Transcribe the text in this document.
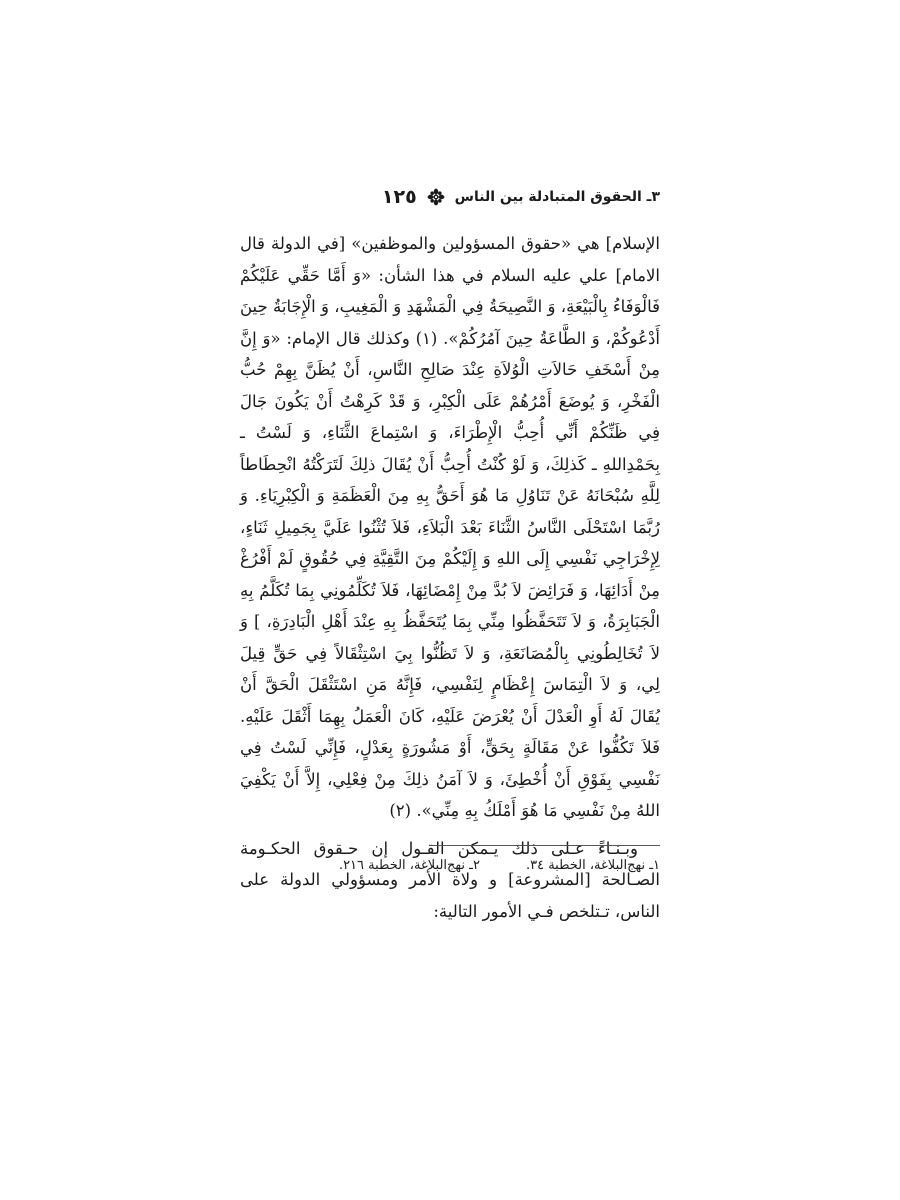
١٢٥	٣ـ الحقوق المتبادلة بين الناس

الإسلام] هي «حقوق المسؤولين والموظفين» [في الدولة قال الامام] علي عليه السلام في هذا الشأن: «وَ أَمَّا حَقِّي عَلَيْكُمْ فَالْوَفَاءُ بِالْبَيْعَةِ، وَ النَّصِيحَةُ فِي الْمَشْهَدِ وَ الْمَغِيبِ، وَ الْإِجَابَةُ حِينَ أَدْعُوكُمْ، وَ الطَّاعَةُ حِينَ آمُرُكُمْ». (١) وكذلك قال الإمام: «وَ إِنَّ مِنْ أَسْخَفِ حَالاَتِ الْوُلاَةِ عِنْدَ صَالِحِ النَّاسِ، أَنْ يُظَنَّ بِهِمْ حُبُّ الْفَخْرِ، وَ يُوضَعَ أَمْرُهُمْ عَلَى الْكِبْرِ، وَ قَدْ كَرِهْتُ أَنْ يَكُونَ جَالَ فِي ظَنِّكُمْ أَنِّي أُحِبُّ الْإِطْرَاءَ، وَ اسْتِماعَ الثَّنَاءِ، وَ لَسْتُ ـ بِحَمْدِاللهِ ـ كَذلِكَ، وَ لَوْ كُنْتُ أُحِبُّ أَنْ يُقَالَ ذلِكَ لَتَرَكْتُهُ انْحِطَاطاً لِلَّهِ سُبْحَانَهُ عَنْ تَنَاوُلِ مَا هُوَ أَحَقُّ بِهِ مِنَ الْعَظَمَةِ وَ الْكِبْرِيَاءِ. وَ رُبَّمَا اسْتَحْلَى النَّاسُ الثَّنَاءَ بَعْدَ الْبَلاَءِ، فَلاَ تُثْنُوا عَلَيَّ بِجَمِيلِ ثَنَاءٍ، لِإِخْرَاجِي نَفْسِي إِلَى اللهِ وَ إِلَيْكُمْ مِنَ التَّقِيَّةِ فِي حُقُوقٍ لَمْ أَفْرُغْ مِنْ أَدَائِهَا، وَ فَرَائِضَ لاَ بُدَّ مِنْ إِمْضَائِهَا، فَلاَ تُكَلِّمُونِي بِمَا تُكَلَّمُ بِهِ الْجَبَابِرَةُ، وَ لاَ تَتَحَفَّظُوا مِنِّي بِمَا يُتَحَفَّظُ بِهِ عِنْدَ أَهْلِ الْبَادِرَةِ، ] وَ لاَ تُخَالِطُونِي بِالْمُصَانَعَةِ، وَ لاَ تَظُنُّوا بِيَ اسْتِثْقَالاً فِي حَقٍّ قِيلَ لِي، وَ لاَ الْتِمَاسَ إِعْظَامٍ لِنَفْسِي، فَإِنَّهُ مَنِ اسْتَثْقَلَ الْحَقَّ أَنْ يُقَالَ لَهُ أَوِ الْعَدْلَ أَنْ يُعْرَضَ عَلَيْهِ، كَانَ الْعَمَلُ بِهِمَا أَثْقَلَ عَلَيْهِ. فَلاَ تَكُفُّوا عَنْ مَقَالَةٍ بِحَقٍّ، أَوْ مَشُورَةٍ بِعَدْلٍ، فَإِنِّي لَسْتُ فِي نَفْسِي بِفَوْقِ أَنْ أُخْطِئَ، وَ لاَ آمَنُ ذلِكَ مِنْ فِعْلِي، إِلاَّ أَنْ يَكْفِيَ اللهُ مِنْ نَفْسِي مَا هُوَ أَمْلَكُ بِهِ مِنِّي». (٢)

وبـنـاءً عـلى ذلك يـمكن القـول إن حـقوق الحكـومة الصـالحة [المشروعة] و ولاة الأمر ومسؤولي الدولة على الناس، تـتلخص فـي الأمور التالية:

١ـ نهج‌البلاغة، الخطبة ٣٤.
٢ـ نهج‌البلاغة، الخطبة ٢١٦.
